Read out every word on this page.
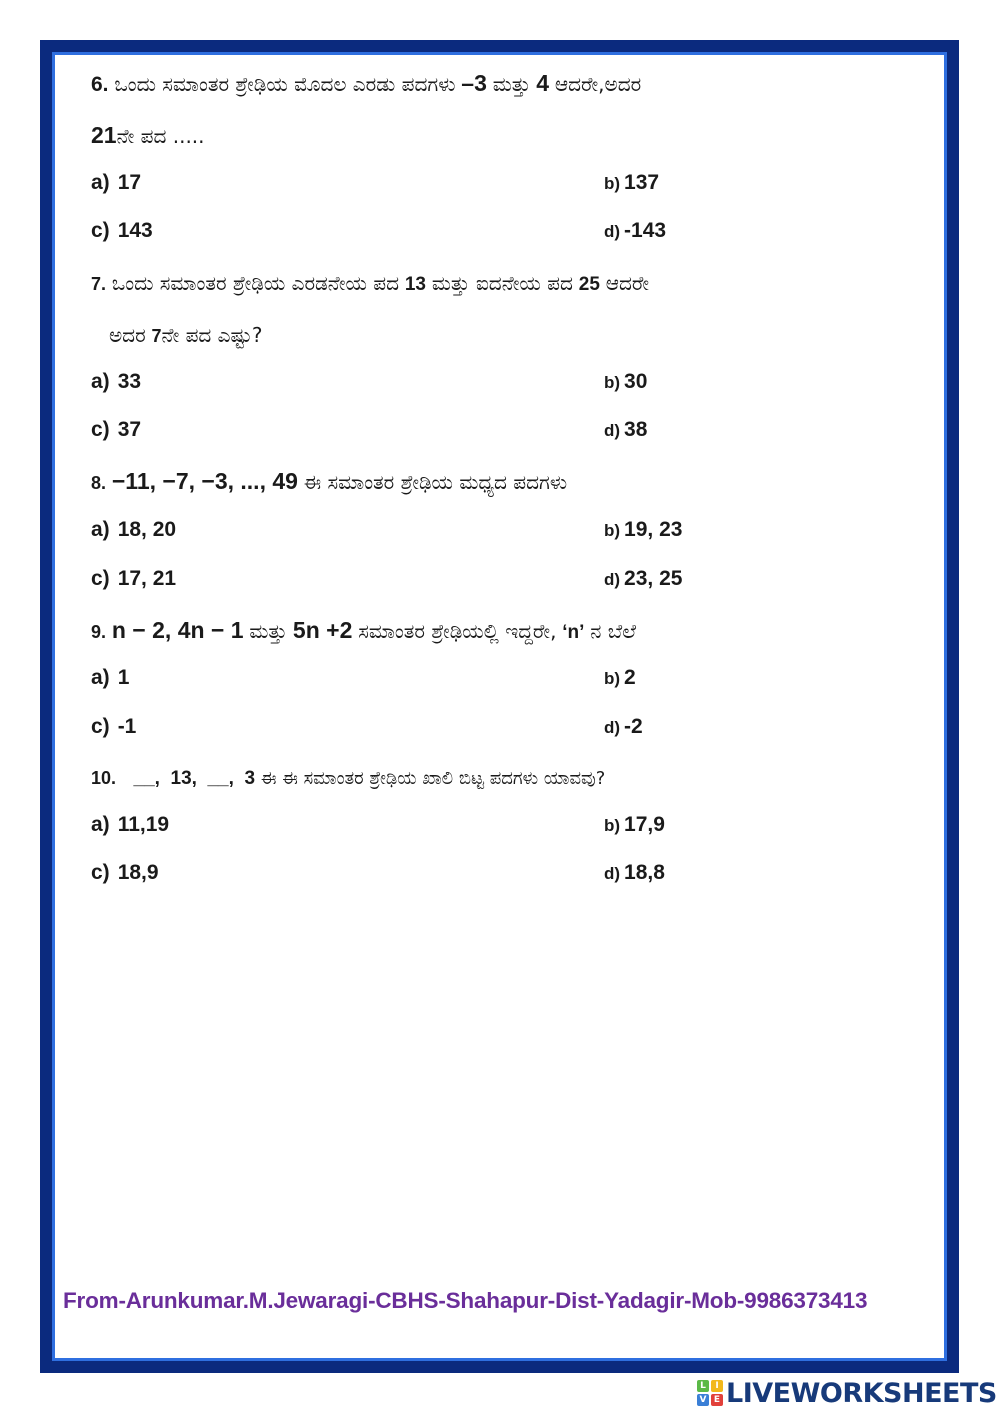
6. ಒಂದು ಸಮಾಂತರ ಶ್ರೇಢಿಯ ಮೊದಲ ಎರಡು ಪದಗಳು –3 ಮತ್ತು 4 ಆದರೇ,ಅದರ
21ನೇ ಪದ .....
a) 17	b) 137
c) 143	d) -143
7. ಒಂದು ಸಮಾಂತರ ಶ್ರೇಢಿಯ ಎರಡನೇಯ ಪದ 13 ಮತ್ತು ಐದನೇಯ ಪದ 25 ಆದರೇ
ಅದರ 7ನೇ ಪದ ಎಷ್ಟು?
a) 33	b) 30
c) 37	d) 38
8. −11, −7, −3, ..., 49 ಈ ಸಮಾಂತರ ಶ್ರೇಢಿಯ ಮಧ್ಯದ ಪದಗಳು
a) 18, 20	b) 19, 23
c) 17, 21	d) 23, 25
9. n − 2, 4n − 1 ಮತ್ತು 5n +2 ಸಮಾಂತರ ಶ್ರೇಢಿಯಲ್ಲಿ ಇದ್ದರೇ, ‘n’ ನ ಬೆಲೆ
a) 1	b) 2
c) -1	d) -2
10. __,  13,  __,  3 ಈ ಈ ಸಮಾಂತರ ಶ್ರೇಢಿಯ ಖಾಲಿ ಬಿಟ್ಟ ಪದಗಳು ಯಾವವು?
a) 11,19	b) 17,9
c) 18,9	d) 18,8
From-Arunkumar.M.Jewaragi-CBHS-Shahapur-Dist-Yadagir-Mob-9986373413
L	I
V E LIVEWORKSHEETS
